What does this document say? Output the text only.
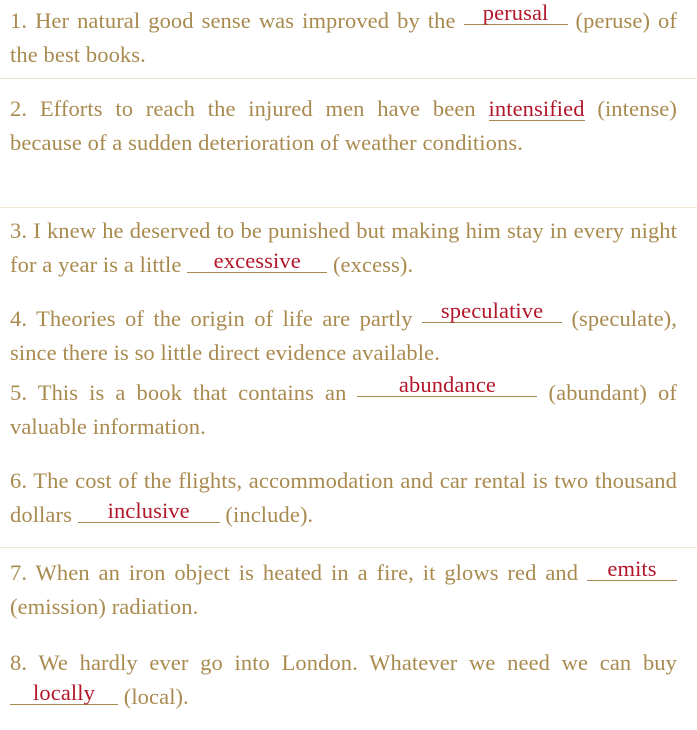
1. Her natural good sense was improved by the perusal (peruse) of the best books.
2. Efforts to reach the injured men have been intensified (intense) because of a sudden deterioration of weather conditions.
3. I knew he deserved to be punished but making him stay in every night for a year is a little excessive (excess).
4. Theories of the origin of life are partly speculative (speculate), since there is so little direct evidence available.
5. This is a book that contains an abundance (abundant) of valuable information.
6. The cost of the flights, accommodation and car rental is two thousand dollars inclusive (include).
7. When an iron object is heated in a fire, it glows red and emits (emission) radiation.
8. We hardly ever go into London. Whatever we need we can buy locally (local).
